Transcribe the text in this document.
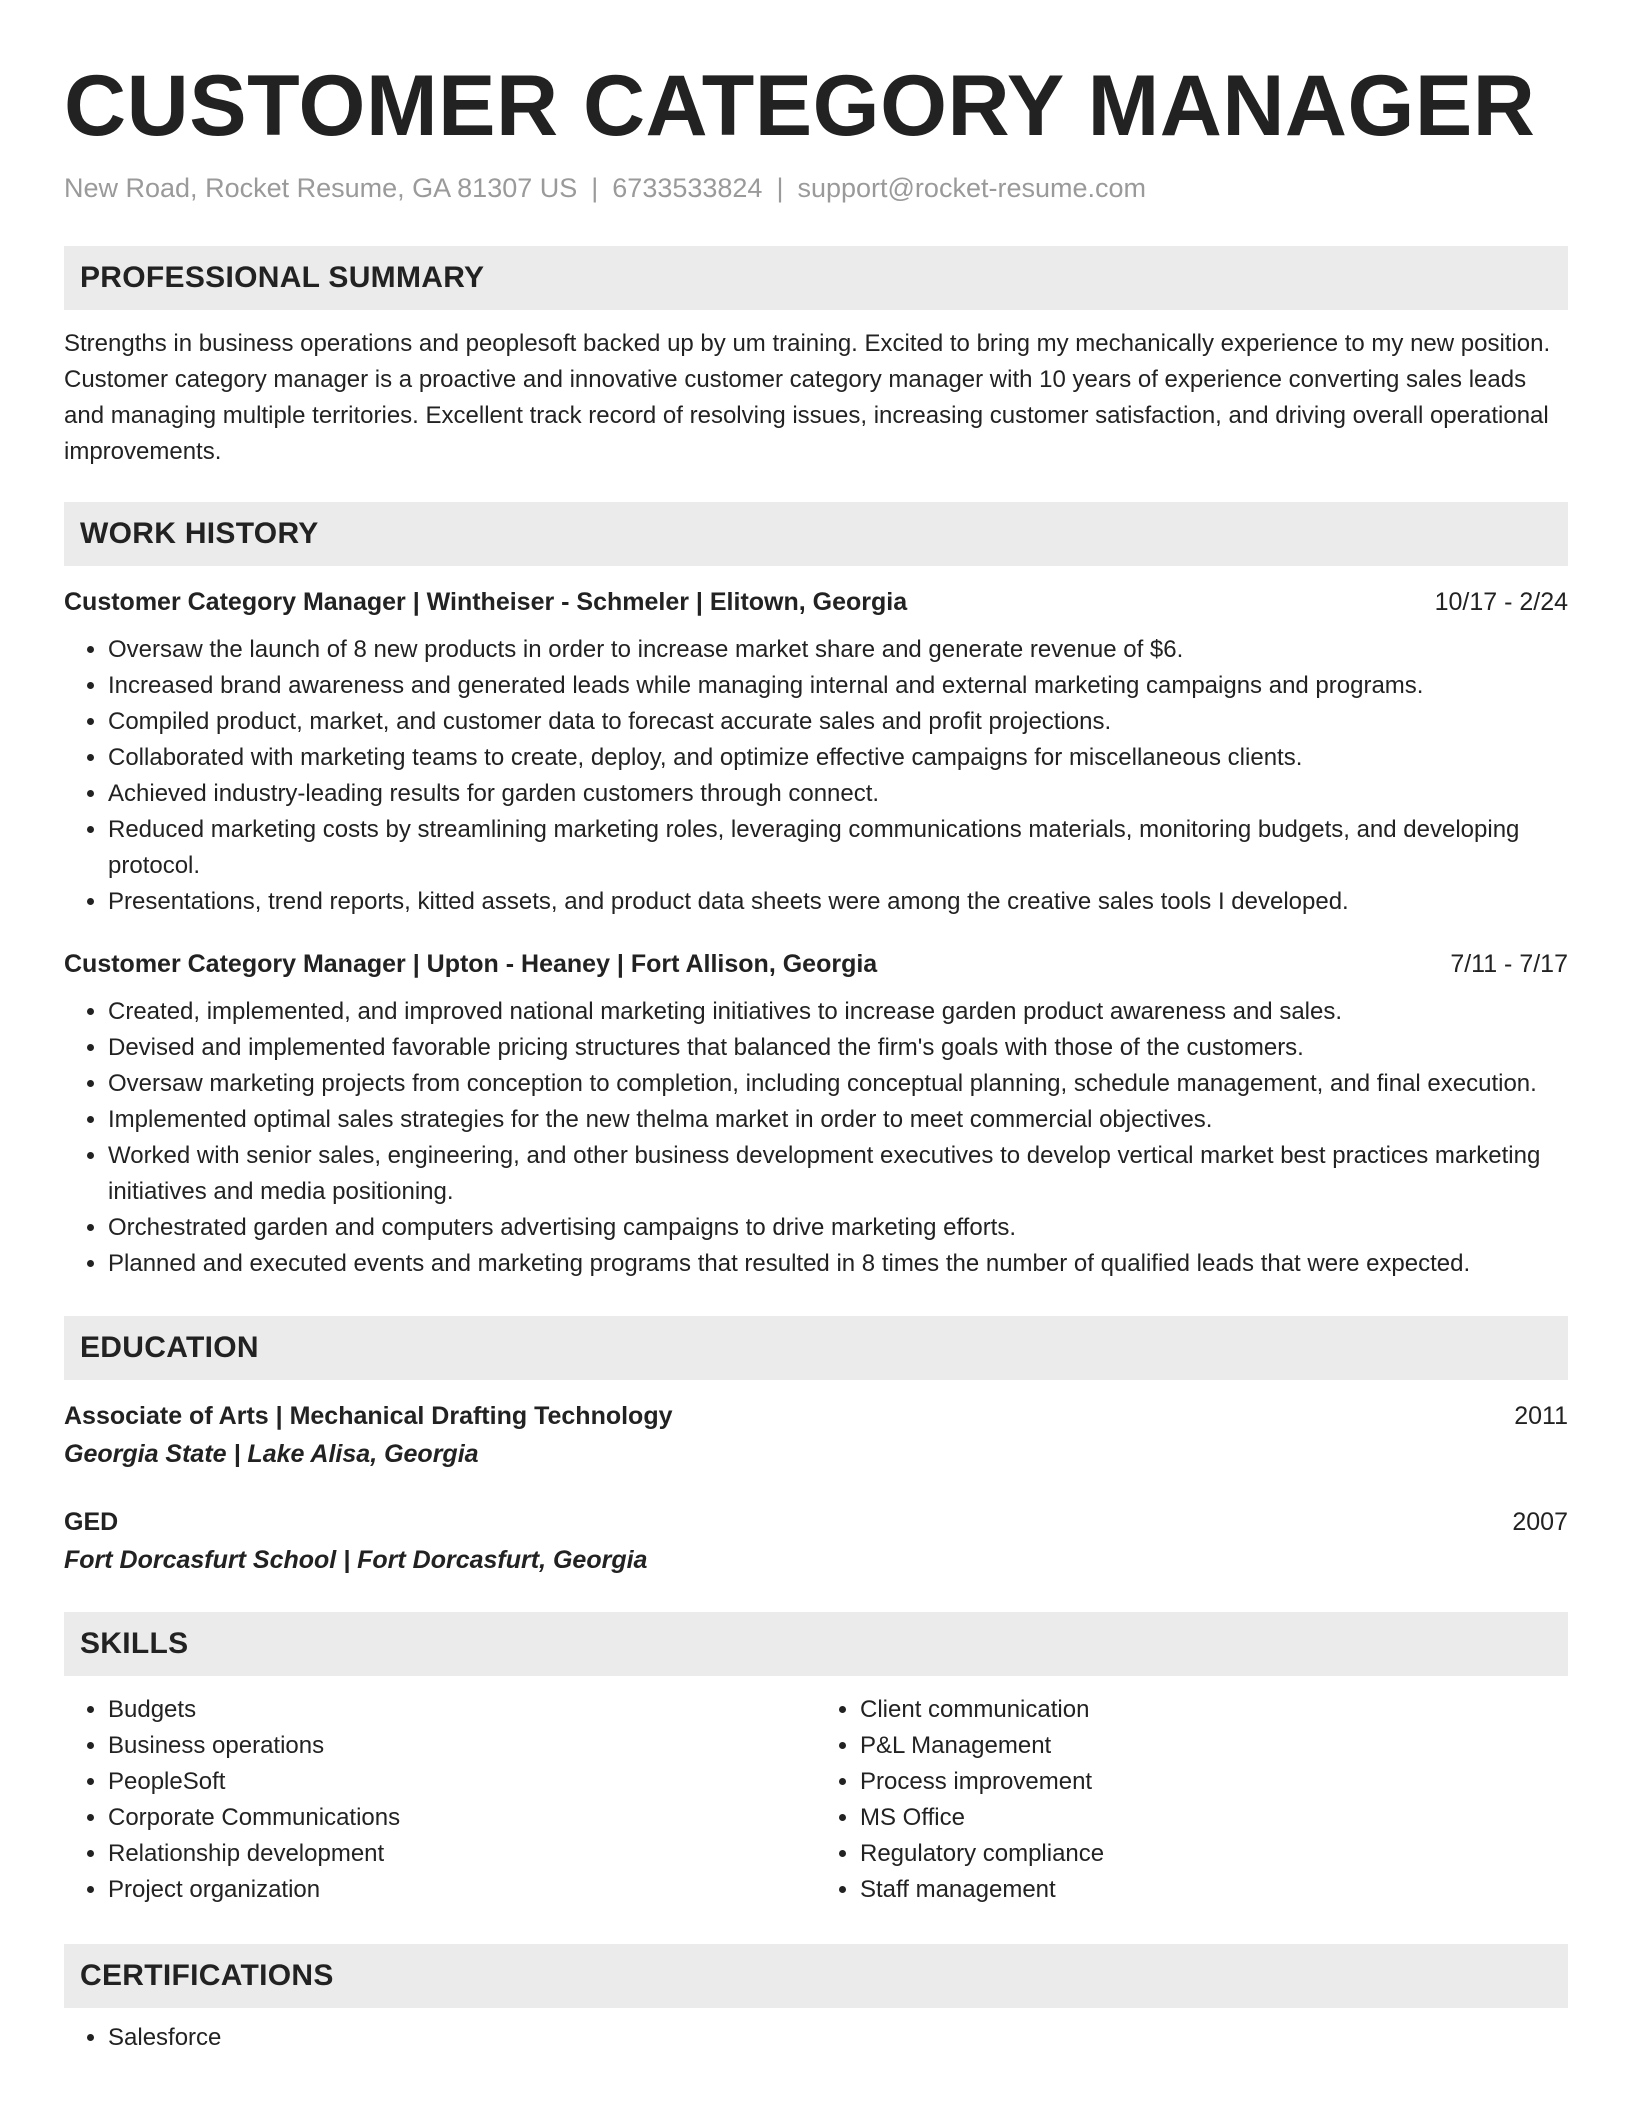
CUSTOMER CATEGORY MANAGER
New Road, Rocket Resume, GA 81307 US | 6733533824 | support@rocket-resume.com
PROFESSIONAL SUMMARY
Strengths in business operations and peoplesoft backed up by um training. Excited to bring my mechanically experience to my new position. Customer category manager is a proactive and innovative customer category manager with 10 years of experience converting sales leads and managing multiple territories. Excellent track record of resolving issues, increasing customer satisfaction, and driving overall operational improvements.
WORK HISTORY
Customer Category Manager | Wintheiser - Schmeler | Elitown, Georgia	10/17 - 2/24
• Oversaw the launch of 8 new products in order to increase market share and generate revenue of $6.
• Increased brand awareness and generated leads while managing internal and external marketing campaigns and programs.
• Compiled product, market, and customer data to forecast accurate sales and profit projections.
• Collaborated with marketing teams to create, deploy, and optimize effective campaigns for miscellaneous clients.
• Achieved industry-leading results for garden customers through connect.
• Reduced marketing costs by streamlining marketing roles, leveraging communications materials, monitoring budgets, and developing protocol.
• Presentations, trend reports, kitted assets, and product data sheets were among the creative sales tools I developed.
Customer Category Manager | Upton - Heaney | Fort Allison, Georgia	7/11 - 7/17
• Created, implemented, and improved national marketing initiatives to increase garden product awareness and sales.
• Devised and implemented favorable pricing structures that balanced the firm's goals with those of the customers.
• Oversaw marketing projects from conception to completion, including conceptual planning, schedule management, and final execution.
• Implemented optimal sales strategies for the new thelma market in order to meet commercial objectives.
• Worked with senior sales, engineering, and other business development executives to develop vertical market best practices marketing initiatives and media positioning.
• Orchestrated garden and computers advertising campaigns to drive marketing efforts.
• Planned and executed events and marketing programs that resulted in 8 times the number of qualified leads that were expected.
EDUCATION
Associate of Arts | Mechanical Drafting Technology	2011
Georgia State | Lake Alisa, Georgia
GED	2007
Fort Dorcasfurt School | Fort Dorcasfurt, Georgia
SKILLS
• Budgets
• Business operations
• PeopleSoft
• Corporate Communications
• Relationship development
• Project organization
• Client communication
• P&L Management
• Process improvement
• MS Office
• Regulatory compliance
• Staff management
CERTIFICATIONS
• Salesforce
